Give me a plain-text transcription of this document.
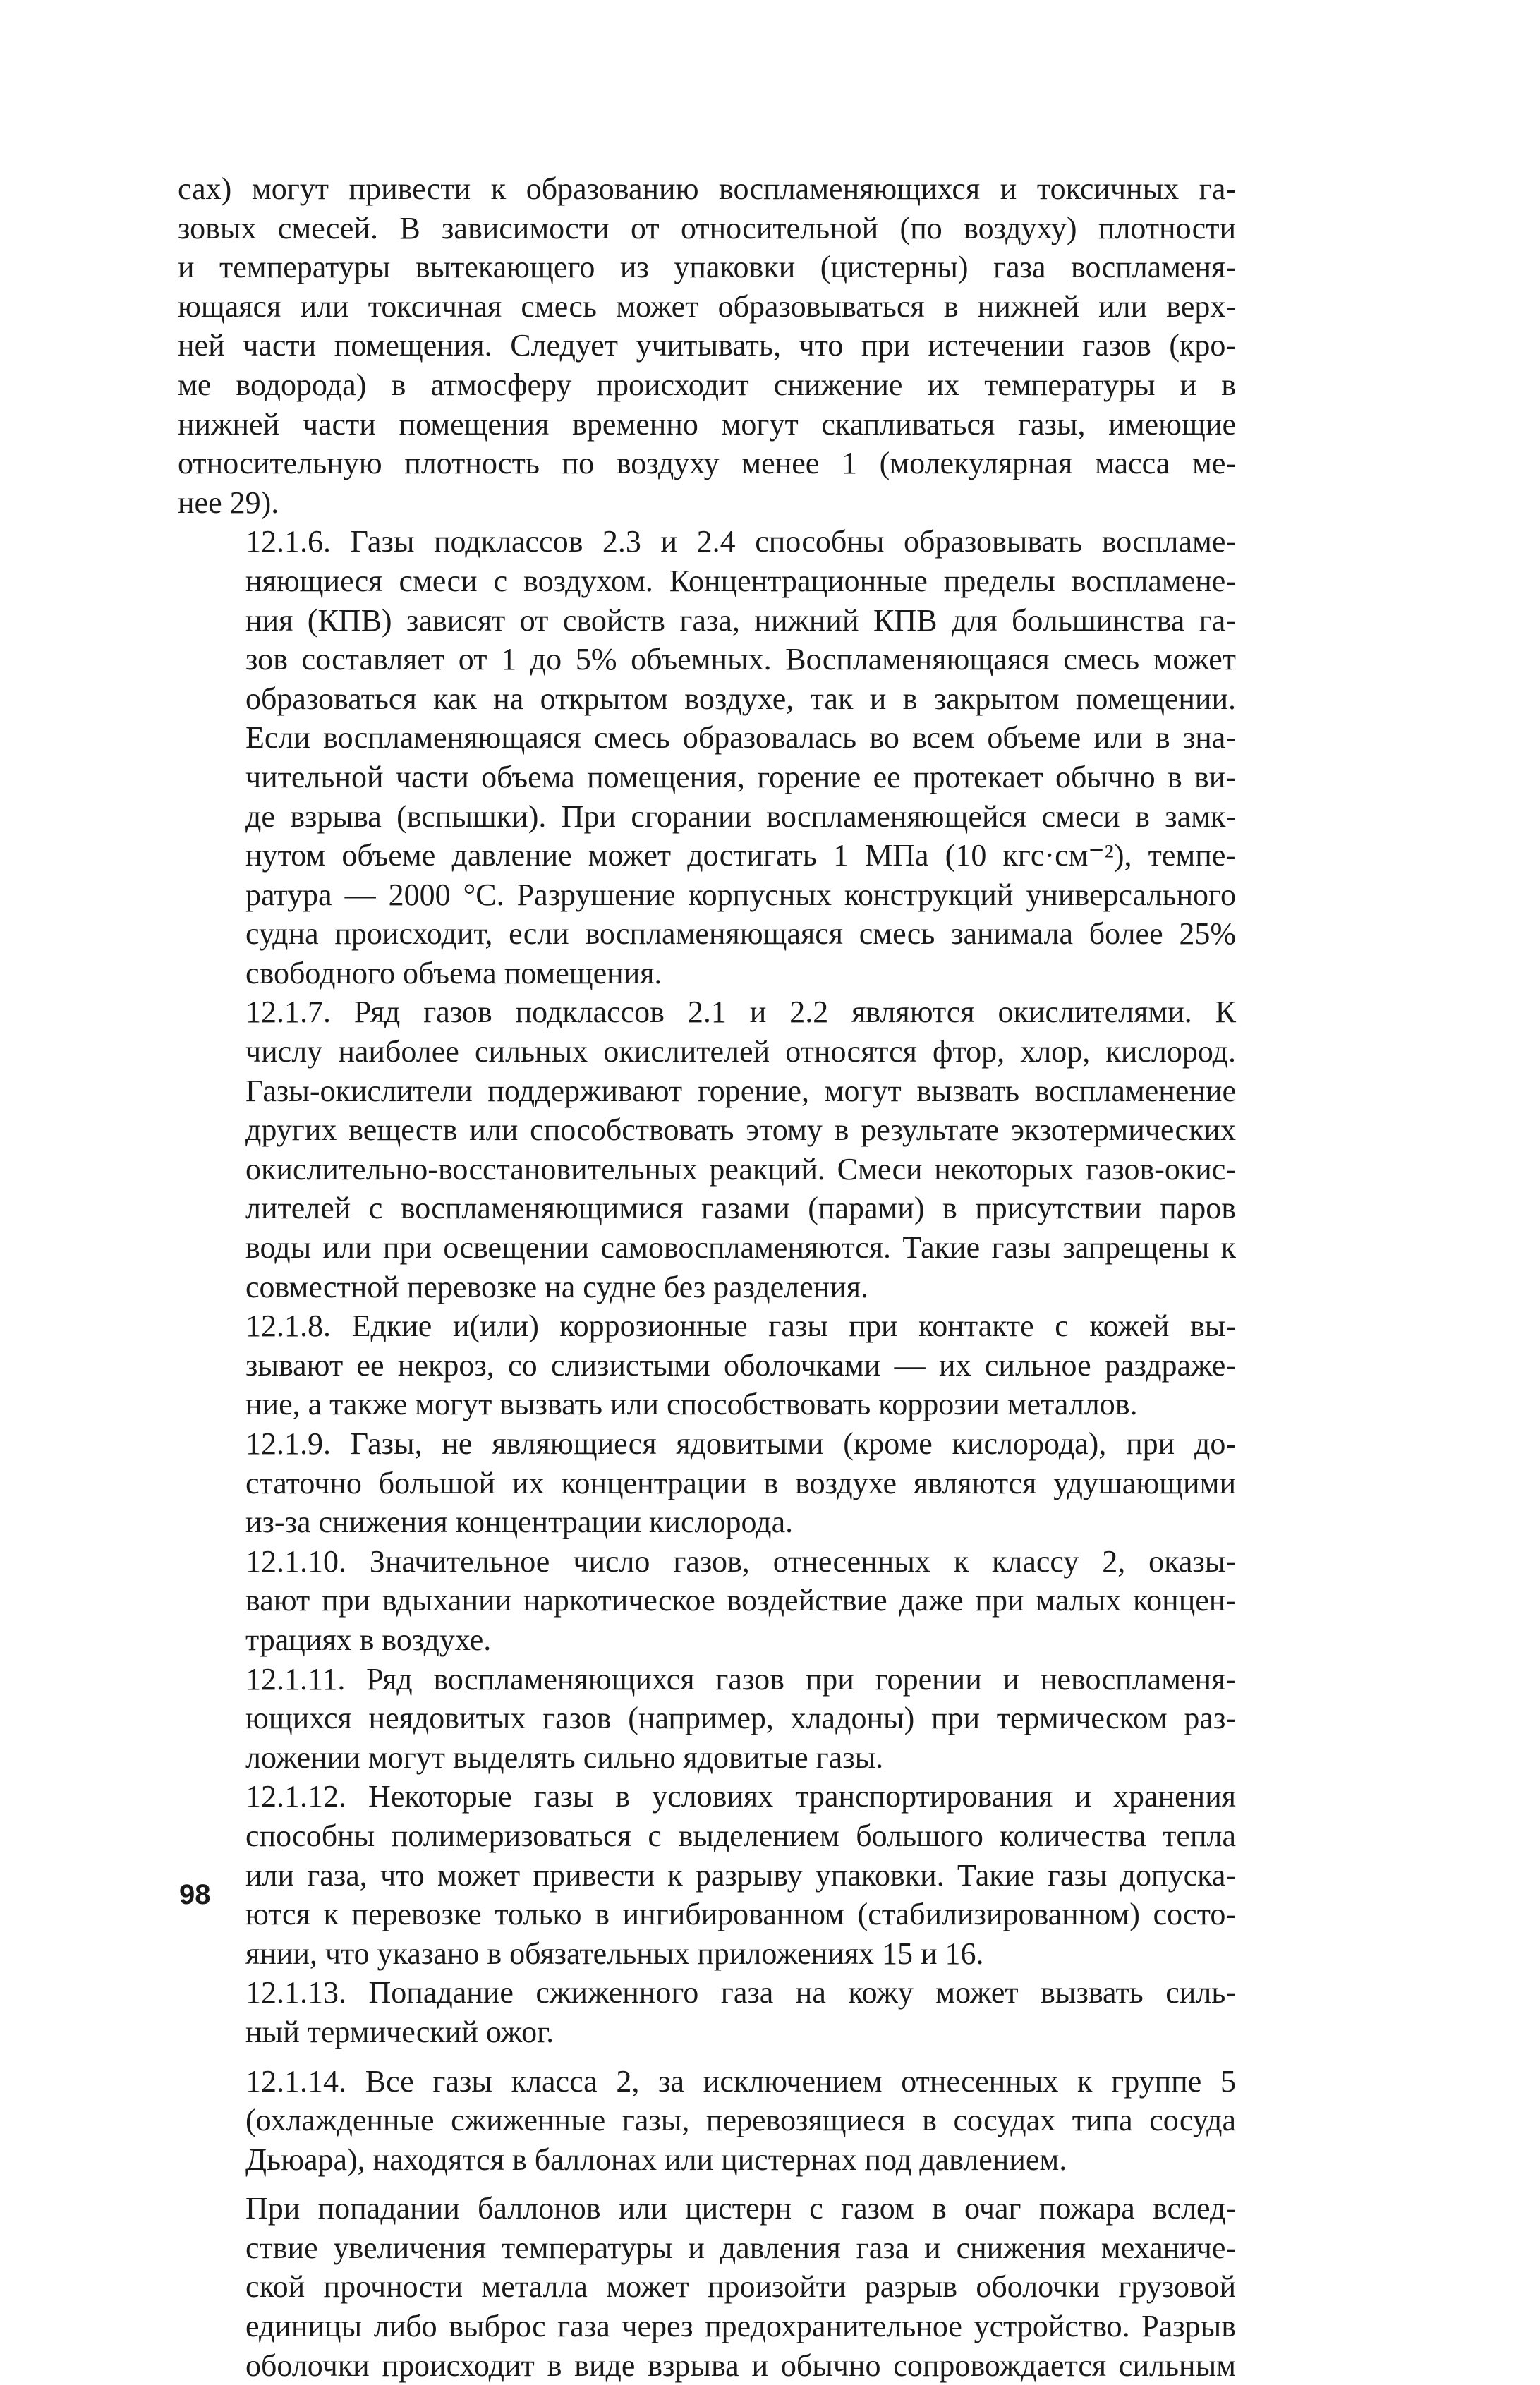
сах) могут привести к образованию воспламеняющихся и токсичных га-
зовых смесей. В зависимости от относительной (по воздуху) плотности
и температуры вытекающего из упаковки (цистерны) газа воспламеня-
ющаяся или токсичная смесь может образовываться в нижней или верх-
ней части помещения. Следует учитывать, что при истечении газов (кро-
ме водорода) в атмосферу происходит снижение их температуры и в
нижней части помещения временно могут скапливаться газы, имеющие
относительную плотность по воздуху менее 1 (молекулярная масса ме-
нее 29).

12.1.6. Газы подклассов 2.3 и 2.4 способны образовывать воспламе-
няющиеся смеси с воздухом. Концентрационные пределы воспламене-
ния (КПВ) зависят от свойств газа, нижний КПВ для большинства га-
зов составляет от 1 до 5% объемных. Воспламеняющаяся смесь может
образоваться как на открытом воздухе, так и в закрытом помещении.
Если воспламеняющаяся смесь образовалась во всем объеме или в зна-
чительной части объема помещения, горение ее протекает обычно в ви-
де взрыва (вспышки). При сгорании воспламеняющейся смеси в замк-
нутом объеме давление может достигать 1 МПа (10 кгс·см⁻²), темпе-
ратура — 2000 °С. Разрушение корпусных конструкций универсального
судна происходит, если воспламеняющаяся смесь занимала более 25%
свободного объема помещения.

12.1.7. Ряд газов подклассов 2.1 и 2.2 являются окислителями. К
числу наиболее сильных окислителей относятся фтор, хлор, кислород.
Газы-окислители поддерживают горение, могут вызвать воспламенение
других веществ или способствовать этому в результате экзотермических
окислительно-восстановительных реакций. Смеси некоторых газов-окис-
лителей с воспламеняющимися газами (парами) в присутствии паров
воды или при освещении самовоспламеняются. Такие газы запрещены к
совместной перевозке на судне без разделения.

12.1.8. Едкие и(или) коррозионные газы при контакте с кожей вы-
зывают ее некроз, со слизистыми оболочками — их сильное раздраже-
ние, а также могут вызвать или способствовать коррозии металлов.

12.1.9. Газы, не являющиеся ядовитыми (кроме кислорода), при до-
статочно большой их концентрации в воздухе являются удушающими
из-за снижения концентрации кислорода.

12.1.10. Значительное число газов, отнесенных к классу 2, оказы-
вают при вдыхании наркотическое воздействие даже при малых концен-
трациях в воздухе.

12.1.11. Ряд воспламеняющихся газов при горении и невоспламеня-
ющихся неядовитых газов (например, хладоны) при термическом раз-
ложении могут выделять сильно ядовитые газы.

12.1.12. Некоторые газы в условиях транспортирования и хранения
способны полимеризоваться с выделением большого количества тепла
или газа, что может привести к разрыву упаковки. Такие газы допуска-
ются к перевозке только в ингибированном (стабилизированном) состо-
янии, что указано в обязательных приложениях 15 и 16.

12.1.13. Попадание сжиженного газа на кожу может вызвать силь-
ный термический ожог.

12.1.14. Все газы класса 2, за исключением отнесенных к группе 5
(охлажденные сжиженные газы, перевозящиеся в сосудах типа сосуда
Дьюара), находятся в баллонах или цистернах под давлением.

При попадании баллонов или цистерн с газом в очаг пожара вслед-
ствие увеличения температуры и давления газа и снижения механиче-
ской прочности металла может произойти разрыв оболочки грузовой
единицы либо выброс газа через предохранительное устройство. Разрыв
оболочки происходит в виде взрыва и обычно сопровождается сильным

98
